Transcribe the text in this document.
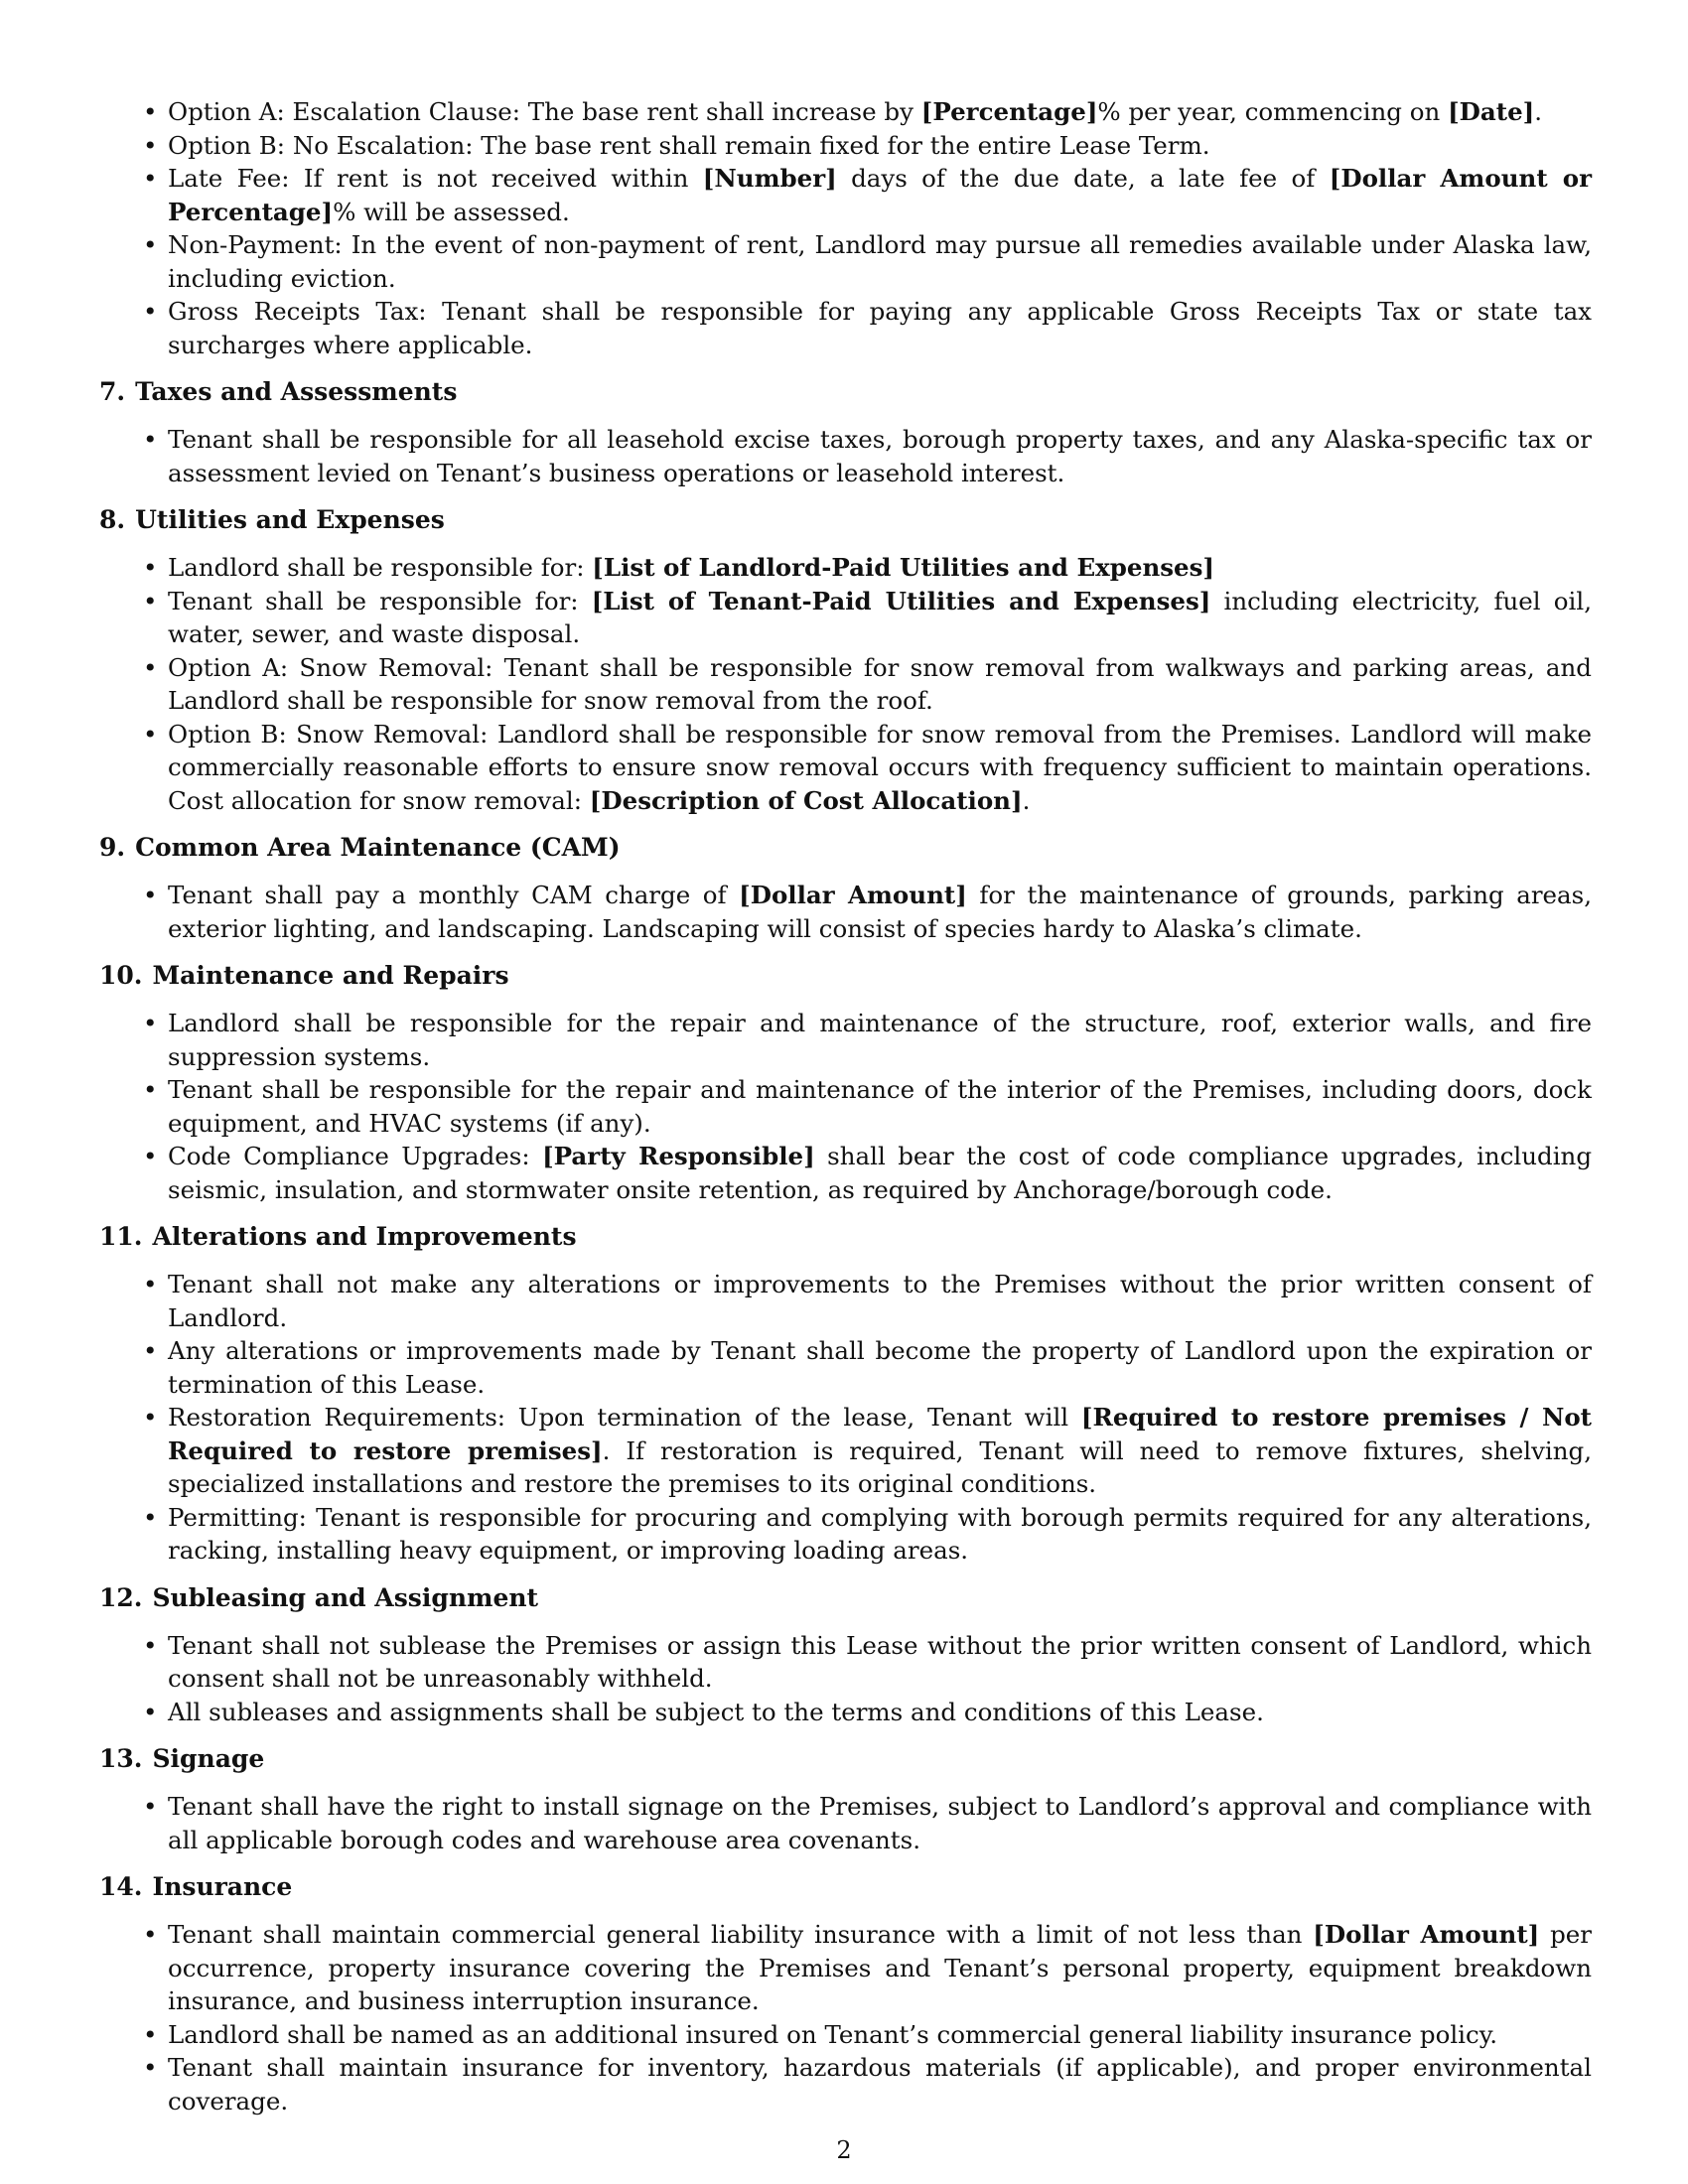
• Option A: Escalation Clause: The base rent shall increase by [Percentage]% per year, commencing on [Date].
• Option B: No Escalation: The base rent shall remain fixed for the entire Lease Term.
• Late Fee: If rent is not received within [Number] days of the due date, a late fee of [Dollar Amount or Percentage]% will be assessed.
• Non-Payment: In the event of non-payment of rent, Landlord may pursue all remedies available under Alaska law, including eviction.
• Gross Receipts Tax: Tenant shall be responsible for paying any applicable Gross Receipts Tax or state tax surcharges where applicable.
7. Taxes and Assessments
• Tenant shall be responsible for all leasehold excise taxes, borough property taxes, and any Alaska-specific tax or assessment levied on Tenant’s business operations or leasehold interest.
8. Utilities and Expenses
• Landlord shall be responsible for: [List of Landlord-Paid Utilities and Expenses]
• Tenant shall be responsible for: [List of Tenant-Paid Utilities and Expenses] including electricity, fuel oil, water, sewer, and waste disposal.
• Option A: Snow Removal: Tenant shall be responsible for snow removal from walkways and parking areas, and Landlord shall be responsible for snow removal from the roof.
• Option B: Snow Removal: Landlord shall be responsible for snow removal from the Premises. Landlord will make commercially reasonable efforts to ensure snow removal occurs with frequency sufficient to maintain operations. Cost allocation for snow removal: [Description of Cost Allocation].
9. Common Area Maintenance (CAM)
• Tenant shall pay a monthly CAM charge of [Dollar Amount] for the maintenance of grounds, parking areas, exterior lighting, and landscaping. Landscaping will consist of species hardy to Alaska’s climate.
10. Maintenance and Repairs
• Landlord shall be responsible for the repair and maintenance of the structure, roof, exterior walls, and fire suppression systems.
• Tenant shall be responsible for the repair and maintenance of the interior of the Premises, including doors, dock equipment, and HVAC systems (if any).
• Code Compliance Upgrades: [Party Responsible] shall bear the cost of code compliance upgrades, including seismic, insulation, and stormwater onsite retention, as required by Anchorage/borough code.
11. Alterations and Improvements
• Tenant shall not make any alterations or improvements to the Premises without the prior written consent of Landlord.
• Any alterations or improvements made by Tenant shall become the property of Landlord upon the expiration or termination of this Lease.
• Restoration Requirements: Upon termination of the lease, Tenant will [Required to restore premises / Not Required to restore premises]. If restoration is required, Tenant will need to remove fixtures, shelving, specialized installations and restore the premises to its original conditions.
• Permitting: Tenant is responsible for procuring and complying with borough permits required for any alterations, racking, installing heavy equipment, or improving loading areas.
12. Subleasing and Assignment
• Tenant shall not sublease the Premises or assign this Lease without the prior written consent of Landlord, which consent shall not be unreasonably withheld.
• All subleases and assignments shall be subject to the terms and conditions of this Lease.
13. Signage
• Tenant shall have the right to install signage on the Premises, subject to Landlord’s approval and compliance with all applicable borough codes and warehouse area covenants.
14. Insurance
• Tenant shall maintain commercial general liability insurance with a limit of not less than [Dollar Amount] per occurrence, property insurance covering the Premises and Tenant’s personal property, equipment breakdown insurance, and business interruption insurance.
• Landlord shall be named as an additional insured on Tenant’s commercial general liability insurance policy.
• Tenant shall maintain insurance for inventory, hazardous materials (if applicable), and proper environmental coverage.
2
